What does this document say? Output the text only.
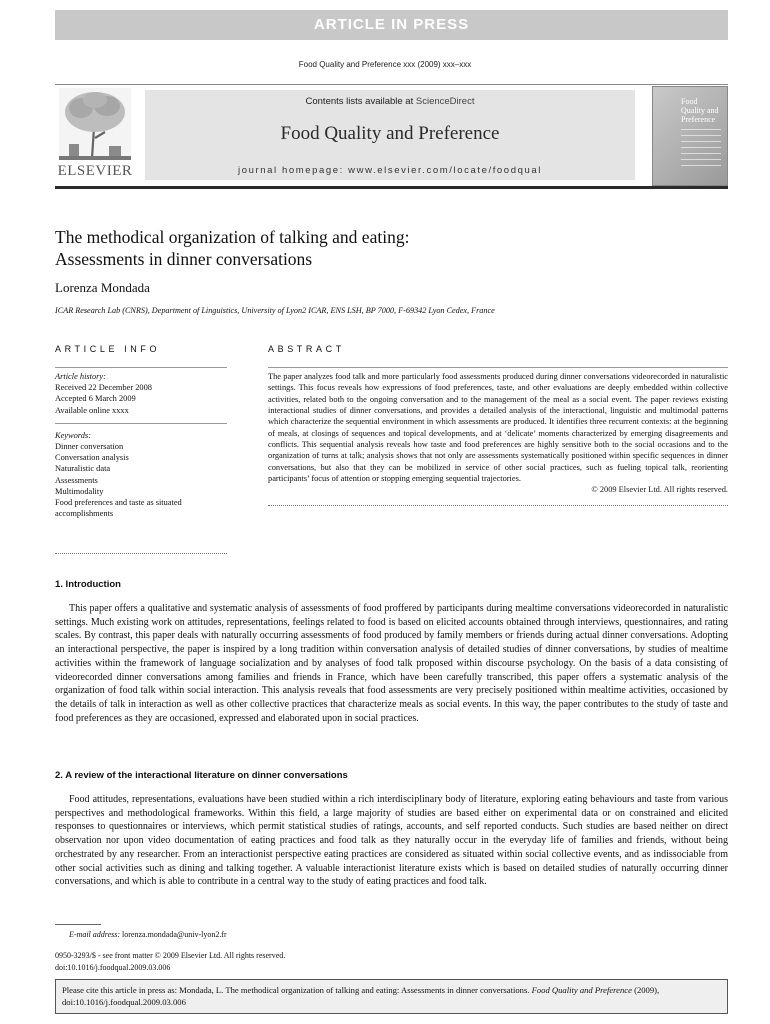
ARTICLE IN PRESS
Food Quality and Preference xxx (2009) xxx–xxx
ELSEVIER
Contents lists available at ScienceDirect
Food Quality and Preference
journal homepage: www.elsevier.com/locate/foodqual
Food
Quality and
Preference
The methodical organization of talking and eating:
Assessments in dinner conversations
Lorenza Mondada
ICAR Research Lab (CNRS), Department of Linguistics, University of Lyon2 ICAR, ENS LSH, BP 7000, F-69342 Lyon Cedex, France
ARTICLE INFO
Article history:
Received 22 December 2008
Accepted 6 March 2009
Available online xxxx
Keywords:
Dinner conversation
Conversation analysis
Naturalistic data
Assessments
Multimodality
Food preferences and taste as situated accomplishments
ABSTRACT
The paper analyzes food talk and more particularly food assessments produced during dinner conversations videorecorded in naturalistic settings. This focus reveals how expressions of food preferences, taste, and other evaluations are deeply embedded within collective activities, related both to the ongoing conversation and to the management of the meal as a social event. The paper reviews existing interactional studies of dinner conversations, and provides a detailed analysis of the interactional, linguistic and multimodal patterns which characterize the sequential environment in which assessments are produced. It identifies three recurrent contexts: at the beginning of meals, at closings of sequences and topical developments, and at ‘delicate’ moments characterized by emerging disagreements and conflicts. This sequential analysis reveals how taste and food preferences are highly sensitive both to the social occasions and to the organization of turns at talk; analysis shows that not only are assessments systematically positioned within specific sequences in dinner conversations, but also that they can be mobilized in service of other social practices, such as fueling topical talk, reorienting participants’ focus of attention or stopping emerging sequential trajectories.
© 2009 Elsevier Ltd. All rights reserved.
1. Introduction
This paper offers a qualitative and systematic analysis of assessments of food proffered by participants during mealtime conversations videorecorded in naturalistic settings. Much existing work on attitudes, representations, feelings related to food is based on elicited accounts obtained through interviews, questionnaires, and rating scales. By contrast, this paper deals with naturally occurring assessments of food produced by family members or friends during actual dinner conversations. Adopting an interactional perspective, the paper is inspired by a long tradition within conversation analysis of detailed studies of dinner conversations, by studies of mealtime activities within the framework of language socialization and by analyses of food talk proposed within discourse psychology. On the basis of a data consisting of videorecorded dinner conversations among families and friends in France, which have been carefully transcribed, this paper offers a systematic analysis of the organization of food talk within social interaction. This analysis reveals that food assessments are very precisely positioned within mealtime activities, occasioned by the details of talk in interaction as well as other collective practices that characterize meals as social events. In this way, the paper contributes to the study of taste and food preferences as they are occasioned, expressed and elaborated upon in social practices.
2. A review of the interactional literature on dinner conversations
Food attitudes, representations, evaluations have been studied within a rich interdisciplinary body of literature, exploring eating behaviours and taste from various perspectives and methodological frameworks. Within this field, a large majority of studies are based either on experimental data or on constrained and elicited responses to questionnaires or interviews, which permit statistical studies of ratings, accounts, and self reported conducts. Such studies are based neither on direct observation nor upon video documentation of eating practices and food talk as they naturally occur in the everyday life of families and friends, without being orchestrated by any researcher. From an interactionist perspective eating practices are considered as situated within social collective events, and as indissociable from other social activities such as dining and talking together. A valuable interactionist literature exists which is based on detailed studies of naturally occurring dinner conversations, and which is able to contribute in a central way to the study of eating practices and food talk.
E-mail address: lorenza.mondada@univ-lyon2.fr
0950-3293/$ - see front matter © 2009 Elsevier Ltd. All rights reserved.
doi:10.1016/j.foodqual.2009.03.006
Please cite this article in press as: Mondada, L. The methodical organization of talking and eating: Assessments in dinner conversations. Food Quality and Preference (2009), doi:10.1016/j.foodqual.2009.03.006
